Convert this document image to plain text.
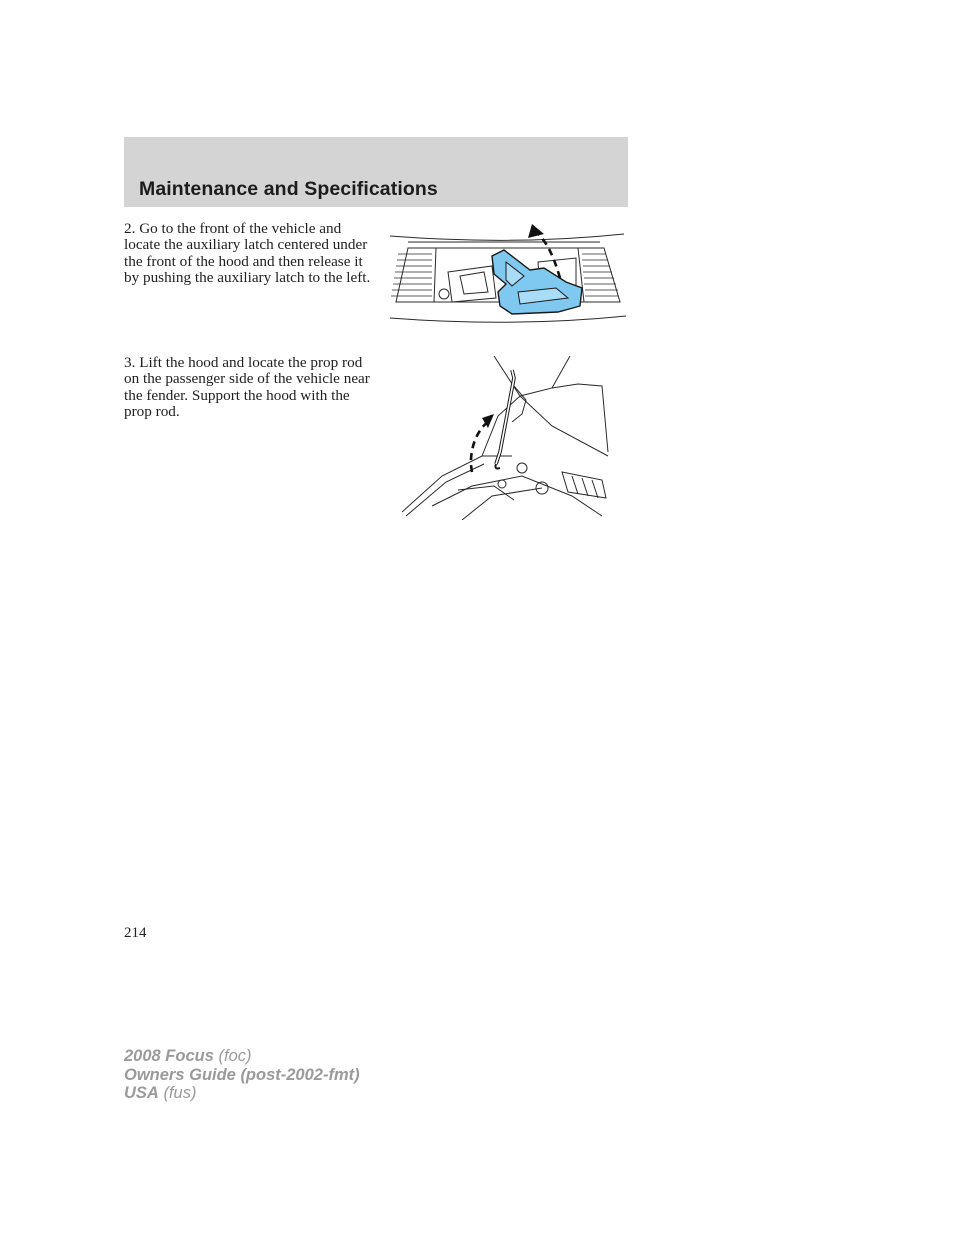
Maintenance and Specifications

2. Go to the front of the vehicle and locate the auxiliary latch centered under the front of the hood and then release it by pushing the auxiliary latch to the left.

3. Lift the hood and locate the prop rod on the passenger side of the vehicle near the fender. Support the hood with the prop rod.

214
2008 Focus (foc)
Owners Guide (post-2002-fmt)
USA (fus)
